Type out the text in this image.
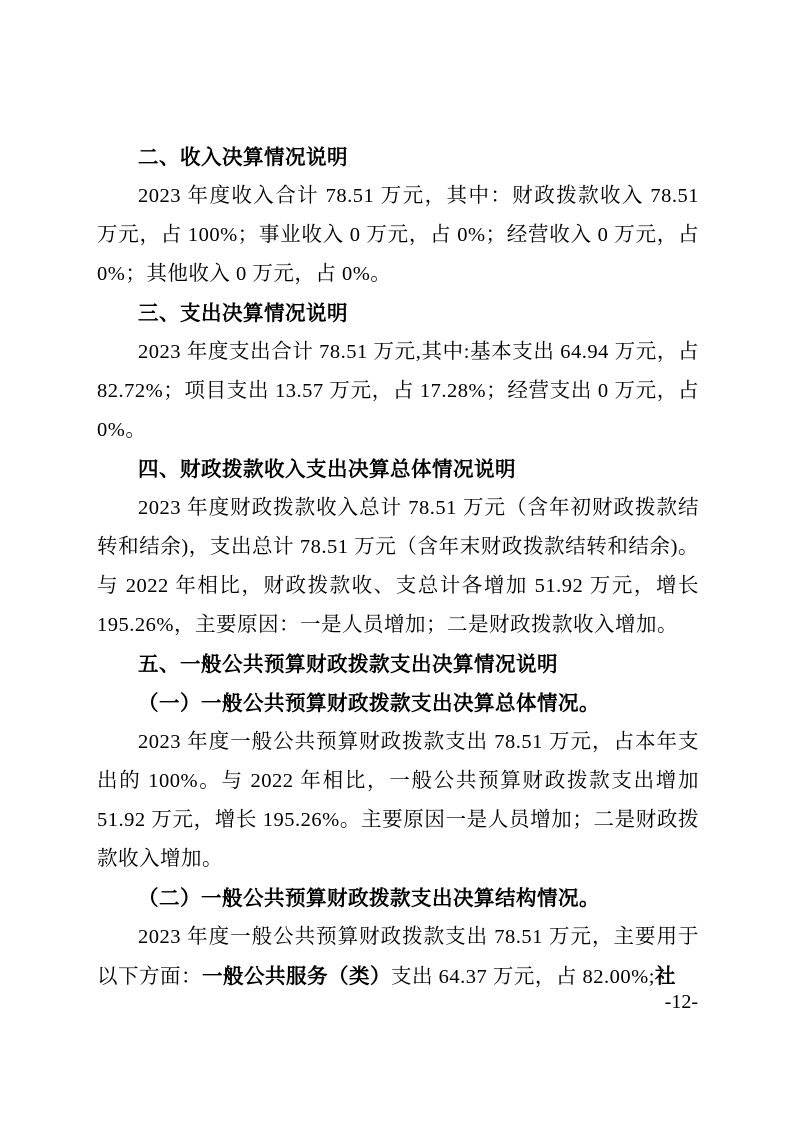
二、收入决算情况说明

2023 年度收入合计 78.51 万元，其中：财政拨款收入 78.51 万元，占 100%；事业收入 0 万元，占 0%；经营收入 0 万元，占 0%；其他收入 0 万元，占 0%。

三、支出决算情况说明

2023 年度支出合计 78.51 万元,其中:基本支出 64.94 万元，占 82.72%；项目支出 13.57 万元，占 17.28%；经营支出 0 万元，占 0%。

四、财政拨款收入支出决算总体情况说明

2023 年度财政拨款收入总计 78.51 万元（含年初财政拨款结转和结余)，支出总计 78.51 万元（含年末财政拨款结转和结余)。与 2022 年相比，财政拨款收、支总计各增加 51.92 万元，增长 195.26%，主要原因：一是人员增加；二是财政拨款收入增加。

五、一般公共预算财政拨款支出决算情况说明
（一）一般公共预算财政拨款支出决算总体情况。

2023 年度一般公共预算财政拨款支出 78.51 万元，占本年支出的 100%。与 2022 年相比，一般公共预算财政拨款支出增加 51.92 万元，增长 195.26%。主要原因一是人员增加；二是财政拨款收入增加。

（二）一般公共预算财政拨款支出决算结构情况。

2023 年度一般公共预算财政拨款支出 78.51 万元，主要用于以下方面：一般公共服务（类）支出 64.37 万元，占 82.00%;社

-12-
